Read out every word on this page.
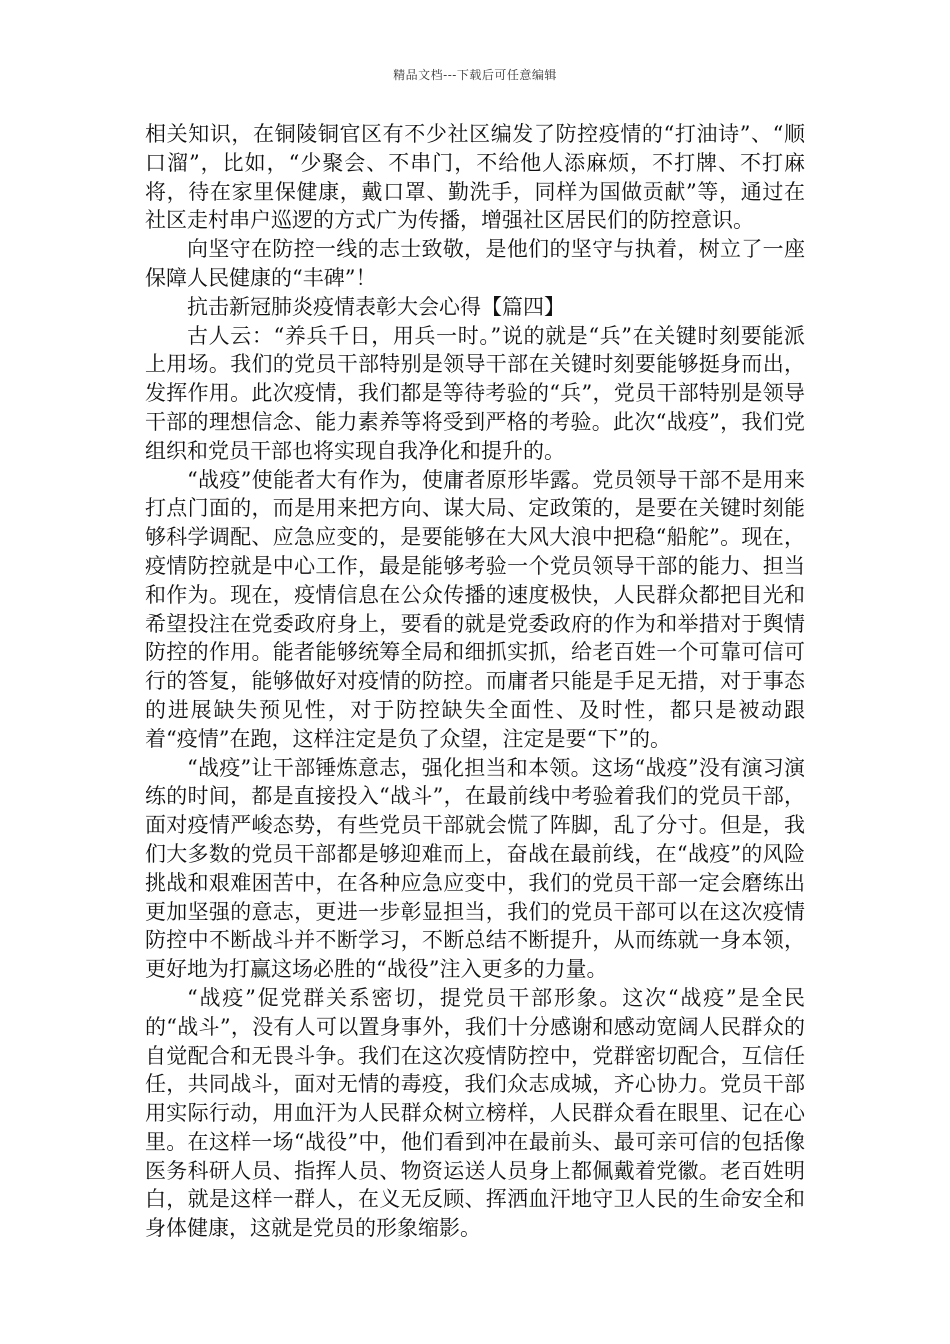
精品文档---下载后可任意编辑

相关知识，在铜陵铜官区有不少社区编发了防控疫情的“打油诗”、“顺口溜”，比如，“少聚会、不串门，不给他人添麻烦，不打牌、不打麻将，待在家里保健康，戴口罩、勤洗手，同样为国做贡献”等，通过在社区走村串户巡逻的方式广为传播，增强社区居民们的防控意识。

向坚守在防控一线的志士致敬，是他们的坚守与执着，树立了一座保障人民健康的“丰碑”！

抗击新冠肺炎疫情表彰大会心得【篇四】

古人云：“养兵千日，用兵一时。”说的就是“兵”在关键时刻要能派上用场。我们的党员干部特别是领导干部在关键时刻要能够挺身而出，发挥作用。此次疫情，我们都是等待考验的“兵”，党员干部特别是领导干部的理想信念、能力素养等将受到严格的考验。此次“战疫”，我们党组织和党员干部也将实现自我净化和提升的。

“战疫”使能者大有作为，使庸者原形毕露。党员领导干部不是用来打点门面的，而是用来把方向、谋大局、定政策的，是要在关键时刻能够科学调配、应急应变的，是要能够在大风大浪中把稳“船舵”。现在，疫情防控就是中心工作，最是能够考验一个党员领导干部的能力、担当和作为。现在，疫情信息在公众传播的速度极快，人民群众都把目光和希望投注在党委政府身上，要看的就是党委政府的作为和举措对于舆情防控的作用。能者能够统筹全局和细抓实抓，给老百姓一个可靠可信可行的答复，能够做好对疫情的防控。而庸者只能是手足无措，对于事态的进展缺失预见性，对于防控缺失全面性、及时性，都只是被动跟着“疫情”在跑，这样注定是负了众望，注定是要“下”的。

“战疫”让干部锤炼意志，强化担当和本领。这场“战疫”没有演习演练的时间，都是直接投入“战斗”，在最前线中考验着我们的党员干部，面对疫情严峻态势，有些党员干部就会慌了阵脚，乱了分寸。但是，我们大多数的党员干部都是够迎难而上，奋战在最前线，在“战疫”的风险挑战和艰难困苦中，在各种应急应变中，我们的党员干部一定会磨练出更加坚强的意志，更进一步彰显担当，我们的党员干部可以在这次疫情防控中不断战斗并不断学习，不断总结不断提升，从而练就一身本领，更好地为打赢这场必胜的“战役”注入更多的力量。

“战疫”促党群关系密切，提党员干部形象。这次“战疫”是全民的“战斗”，没有人可以置身事外，我们十分感谢和感动宽阔人民群众的自觉配合和无畏斗争。我们在这次疫情防控中，党群密切配合，互信任任，共同战斗，面对无情的毒疫，我们众志成城，齐心协力。党员干部用实际行动，用血汗为人民群众树立榜样，人民群众看在眼里、记在心里。在这样一场“战役”中，他们看到冲在最前头、最可亲可信的包括像医务科研人员、指挥人员、物资运送人员身上都佩戴着党徽。老百姓明白，就是这样一群人，在义无反顾、挥洒血汗地守卫人民的生命安全和身体健康，这就是党员的形象缩影。
